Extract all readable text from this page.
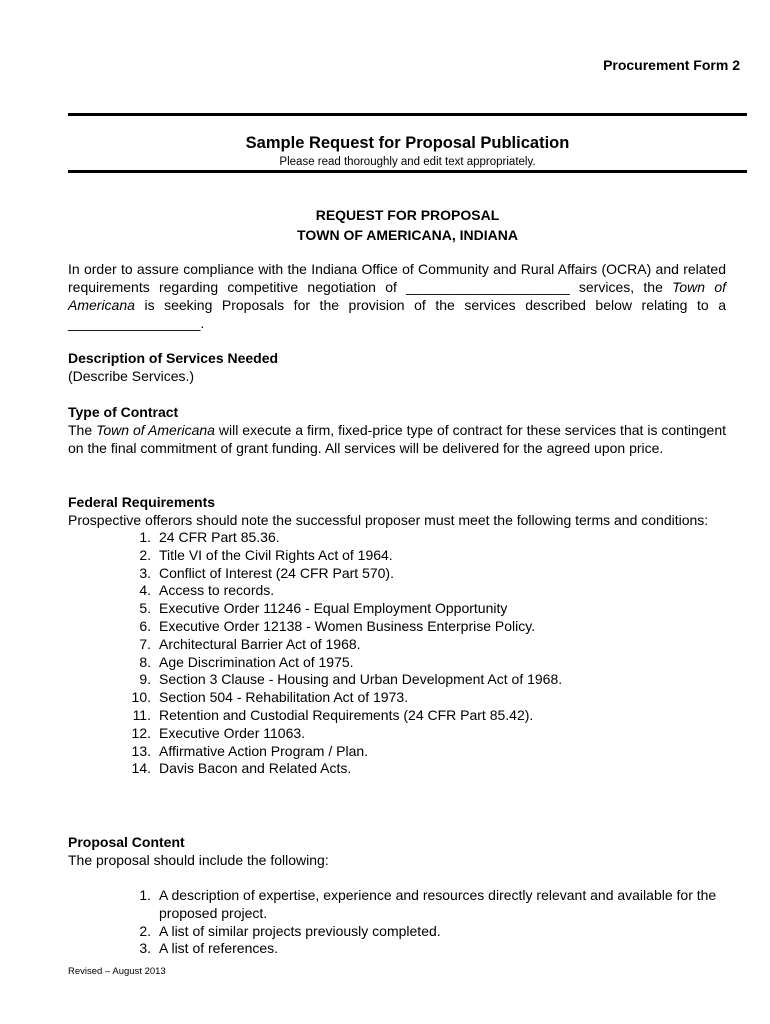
Procurement Form 2
Sample Request for Proposal Publication
Please read thoroughly and edit text appropriately.
REQUEST FOR PROPOSAL
TOWN OF AMERICANA, INDIANA
In order to assure compliance with the Indiana Office of Community and Rural Affairs (OCRA) and related requirements regarding competitive negotiation of _____________________ services, the Town of Americana is seeking Proposals for the provision of the services described below relating to a _________________.
Description of Services Needed
(Describe Services.)
Type of Contract
The Town of Americana will execute a firm, fixed-price type of contract for these services that is contingent on the final commitment of grant funding. All services will be delivered for the agreed upon price.
Federal Requirements
Prospective offerors should note the successful proposer must meet the following terms and conditions:
1. 24 CFR Part 85.36.
2. Title VI of the Civil Rights Act of 1964.
3. Conflict of Interest (24 CFR Part 570).
4. Access to records.
5. Executive Order 11246 - Equal Employment Opportunity
6. Executive Order 12138 - Women Business Enterprise Policy.
7. Architectural Barrier Act of 1968.
8. Age Discrimination Act of 1975.
9. Section 3 Clause - Housing and Urban Development Act of 1968.
10. Section 504 - Rehabilitation Act of 1973.
11. Retention and Custodial Requirements (24 CFR Part 85.42).
12. Executive Order 11063.
13. Affirmative Action Program / Plan.
14. Davis Bacon and Related Acts.
Proposal Content
The proposal should include the following:
1. A description of expertise, experience and resources directly relevant and available for the proposed project.
2. A list of similar projects previously completed.
3. A list of references.
Revised – August 2013
